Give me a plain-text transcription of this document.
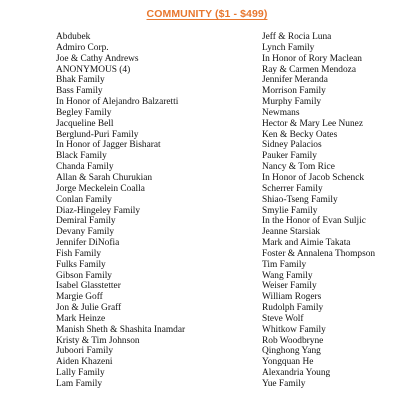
COMMUNITY ($1 - $499)
Abdubek
Admiro Corp.
Joe & Cathy Andrews
ANONYMOUS (4)
Bhak Family
Bass Family
In Honor of Alejandro Balzaretti
Begley Family
Jacqueline Bell
Berglund-Puri Family
In Honor of Jagger Bisharat
Black Family
Chanda Family
Allan & Sarah Churukian
Jorge Meckelein Coalla
Conlan Family
Diaz-Hingeley Family
Demiral Family
Devany Family
Jennifer DiNofia
Fish Family
Fulks Family
Gibson Family
Isabel Glasstetter
Margie Goff
Jon & Julie Graff
Mark Heinze
Manish Sheth & Shashita Inamdar
Kristy & Tim Johnson
Juboori Family
Aiden Khazeni
Lally Family
Lam Family
Jeff & Rocia Luna
Lynch Family
In Honor of Rory Maclean
Ray & Carmen Mendoza
Jennifer Meranda
Morrison Family
Murphy Family
Newmans
Hector & Mary Lee Nunez
Ken & Becky Oates
Sidney Palacios
Pauker Family
Nancy & Tom Rice
In Honor of Jacob Schenck
Scherrer Family
Shiao-Tseng Family
Smylie Family
In the Honor of Evan Suljic
Jeanne Starsiak
Mark and Aimie Takata
Foster & Annalena Thompson
Tim Family
Wang Family
Weiser Family
William Rogers
Rudolph Family
Steve Wolf
Whitkow Family
Rob Woodbryne
Qinghong Yang
Yongquan He
Alexandria Young
Yue Family
